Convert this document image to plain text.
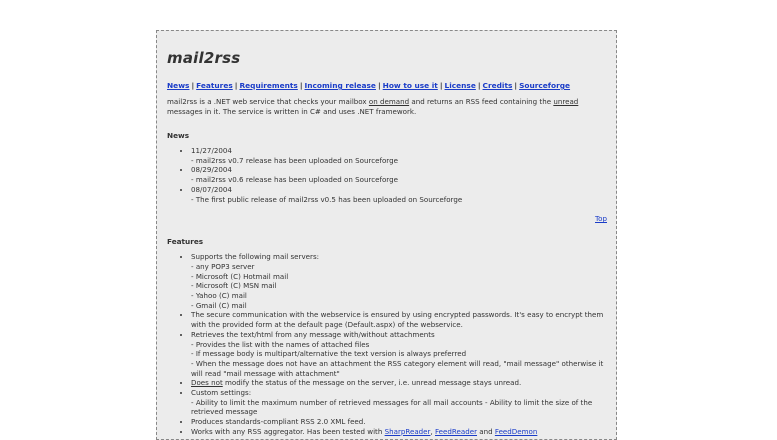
mail2rss
News | Features | Requirements | Incoming release | How to use it | License | Credits | Sourceforge
mail2rss is a .NET web service that checks your mailbox on demand and returns an RSS feed containing the unread messages in it. The service is written in C# and uses .NET framework.
News
• 11/27/2004
- mail2rss v0.7 release has been uploaded on Sourceforge
• 08/29/2004
- mail2rss v0.6 release has been uploaded on Sourceforge
• 08/07/2004
- The first public release of mail2rss v0.5 has been uploaded on Sourceforge
Top
Features
• Supports the following mail servers:
- any POP3 server
- Microsoft (C) Hotmail mail
- Microsoft (C) MSN mail
- Yahoo (C) mail
- Gmail (C) mail
• The secure communication with the webservice is ensured by using encrypted passwords. It's easy to encrypt them with the provided form at the default page (Default.aspx) of the webservice.
• Retrieves the text/html from any message with/without attachments
- Provides the list with the names of attached files
- If message body is multipart/alternative the text version is always preferred
- When the message does not have an attachment the RSS category element will read, "mail message" otherwise it will read "mail message with attachment"
• Does not modify the status of the message on the server, i.e. unread message stays unread.
• Custom settings:
- Ability to limit the maximum number of retrieved messages for all mail accounts - Ability to limit the size of the retrieved message
• Produces standards-compliant RSS 2.0 XML feed.
• Works with any RSS aggregator. Has been tested with SharpReader, FeedReader and FeedDemon
